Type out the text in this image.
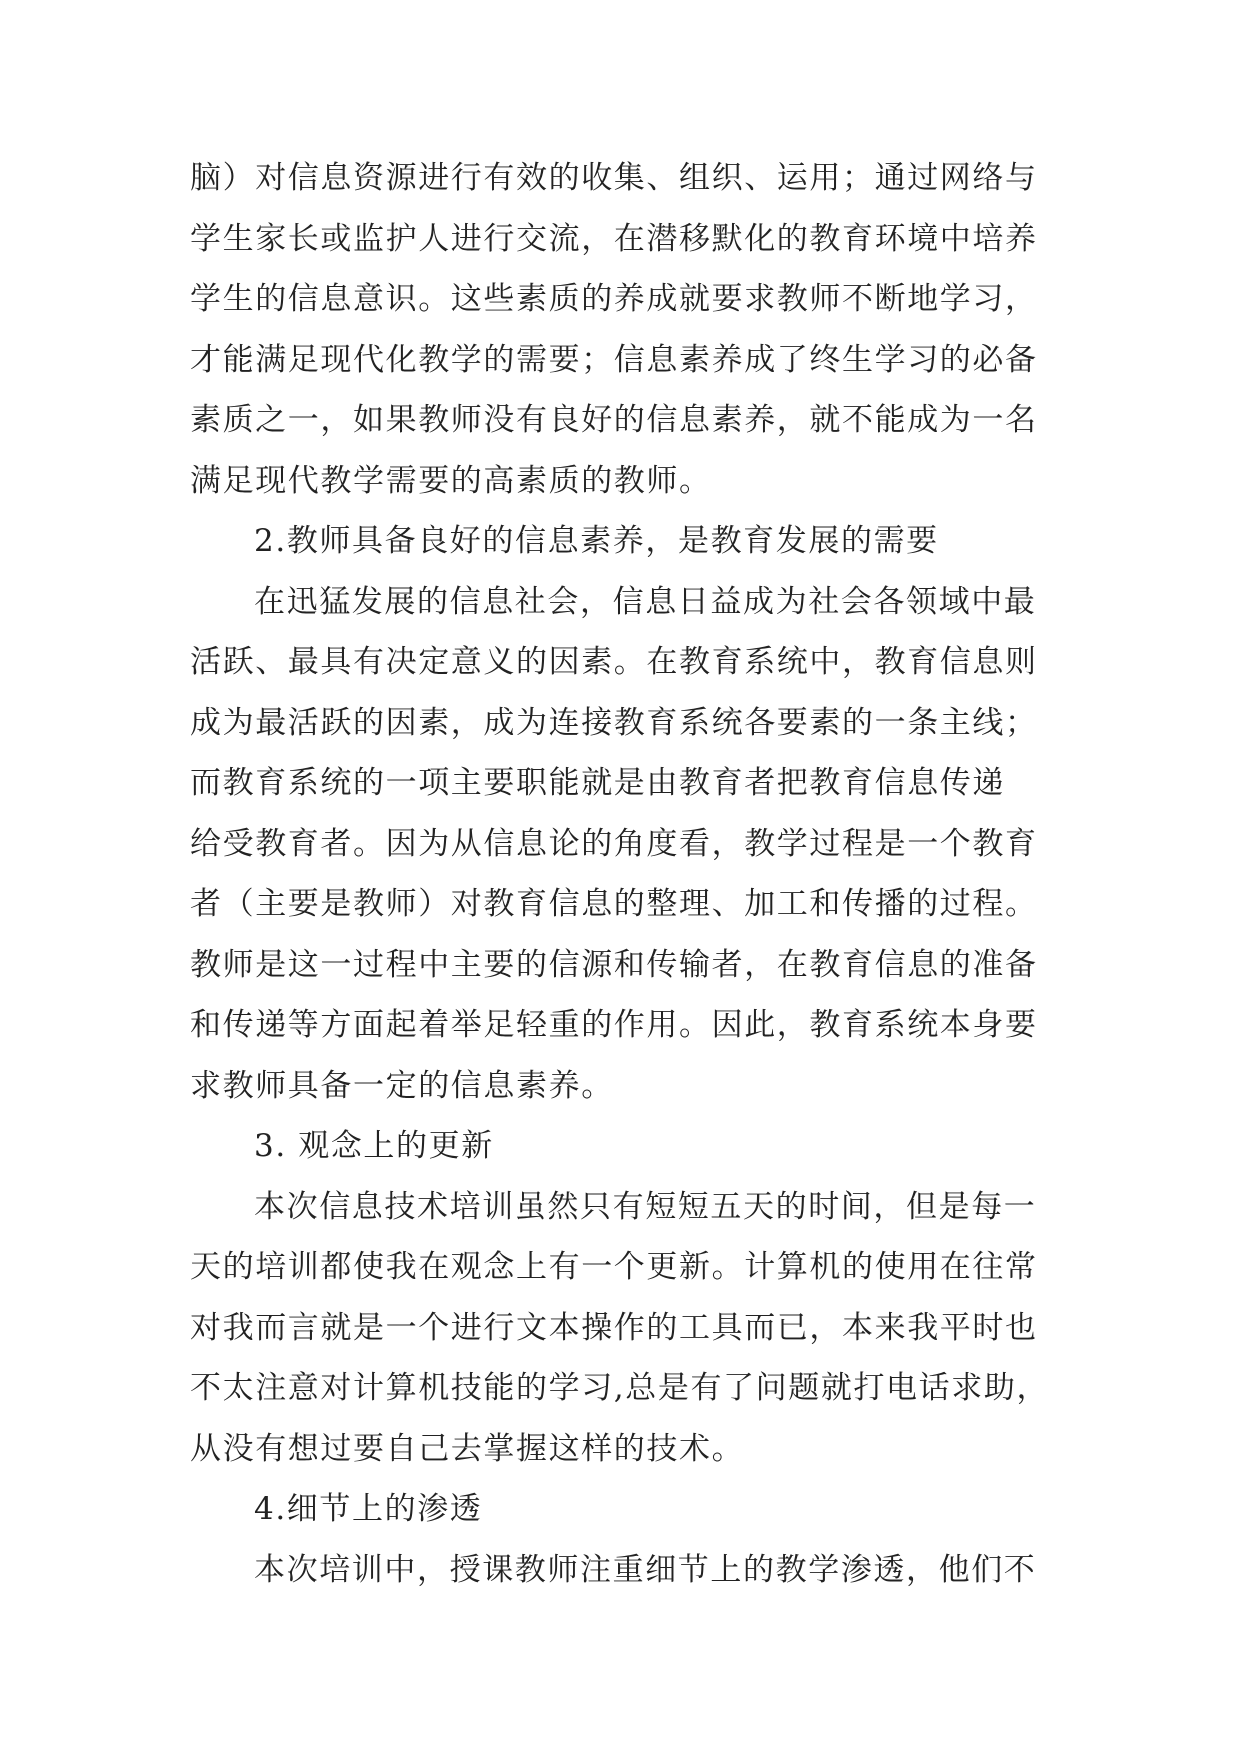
脑）对信息资源进行有效的收集、组织、运用；通过网络与
学生家长或监护人进行交流，在潜移默化的教育环境中培养
学生的信息意识。这些素质的养成就要求教师不断地学习，
才能满足现代化教学的需要；信息素养成了终生学习的必备
素质之一，如果教师没有良好的信息素养，就不能成为一名
满足现代教学需要的高素质的教师。
2.教师具备良好的信息素养，是教育发展的需要
在迅猛发展的信息社会，信息日益成为社会各领域中最
活跃、最具有决定意义的因素。在教育系统中，教育信息则
成为最活跃的因素，成为连接教育系统各要素的一条主线；
而教育系统的一项主要职能就是由教育者把教育信息传递
给受教育者。因为从信息论的角度看，教学过程是一个教育
者（主要是教师）对教育信息的整理、加工和传播的过程。
教师是这一过程中主要的信源和传输者，在教育信息的准备
和传递等方面起着举足轻重的作用。因此，教育系统本身要
求教师具备一定的信息素养。
3. 观念上的更新
本次信息技术培训虽然只有短短五天的时间，但是每一
天的培训都使我在观念上有一个更新。计算机的使用在往常
对我而言就是一个进行文本操作的工具而已，本来我平时也
不太注意对计算机技能的学习,总是有了问题就打电话求助，
从没有想过要自己去掌握这样的技术。
4.细节上的渗透
本次培训中，授课教师注重细节上的教学渗透，他们不
